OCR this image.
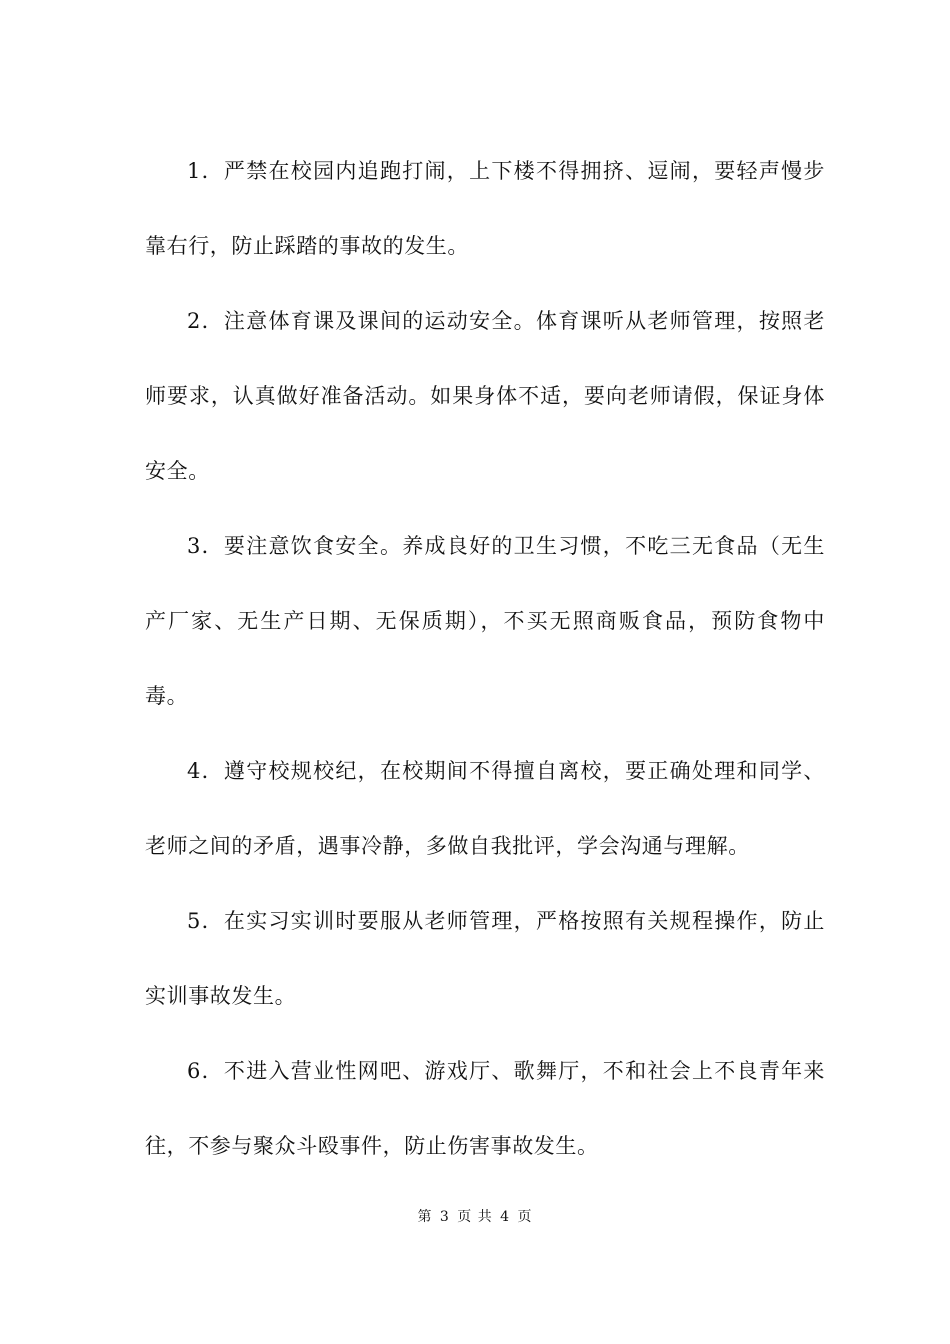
1．严禁在校园内追跑打闹，上下楼不得拥挤、逗闹，要轻声慢步靠右行，防止踩踏的事故的发生。

2．注意体育课及课间的运动安全。体育课听从老师管理，按照老师要求，认真做好准备活动。如果身体不适，要向老师请假，保证身体安全。

3．要注意饮食安全。养成良好的卫生习惯，不吃三无食品（无生产厂家、无生产日期、无保质期），不买无照商贩食品，预防食物中毒。

4．遵守校规校纪，在校期间不得擅自离校，要正确处理和同学、老师之间的矛盾，遇事冷静，多做自我批评，学会沟通与理解。

5．在实习实训时要服从老师管理，严格按照有关规程操作，防止实训事故发生。

6．不进入营业性网吧、游戏厅、歌舞厅，不和社会上不良青年来往，不参与聚众斗殴事件，防止伤害事故发生。

第 3 页 共 4 页
